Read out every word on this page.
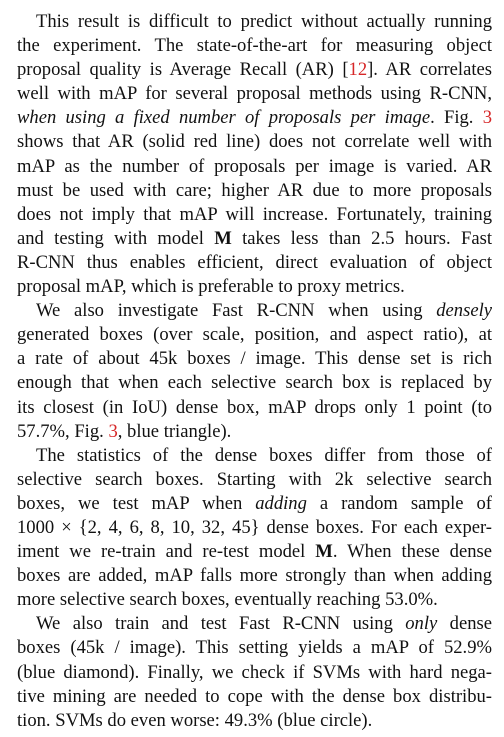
This result is difficult to predict without actually running
the experiment. The state-of-the-art for measuring object
proposal quality is Average Recall (AR) [12]. AR correlates
well with mAP for several proposal methods using R-CNN,
when using a fixed number of proposals per image. Fig. 3
shows that AR (solid red line) does not correlate well with
mAP as the number of proposals per image is varied. AR
must be used with care; higher AR due to more proposals
does not imply that mAP will increase. Fortunately, training
and testing with model M takes less than 2.5 hours. Fast
R-CNN thus enables efficient, direct evaluation of object
proposal mAP, which is preferable to proxy metrics.
We also investigate Fast R-CNN when using densely
generated boxes (over scale, position, and aspect ratio), at
a rate of about 45k boxes / image. This dense set is rich
enough that when each selective search box is replaced by
its closest (in IoU) dense box, mAP drops only 1 point (to
57.7%, Fig. 3, blue triangle).
The statistics of the dense boxes differ from those of
selective search boxes. Starting with 2k selective search
boxes, we test mAP when adding a random sample of
1000 × {2, 4, 6, 8, 10, 32, 45} dense boxes. For each exper-
iment we re-train and re-test model M. When these dense
boxes are added, mAP falls more strongly than when adding
more selective search boxes, eventually reaching 53.0%.
We also train and test Fast R-CNN using only dense
boxes (45k / image). This setting yields a mAP of 52.9%
(blue diamond). Finally, we check if SVMs with hard nega-
tive mining are needed to cope with the dense box distribu-
tion. SVMs do even worse: 49.3% (blue circle).
